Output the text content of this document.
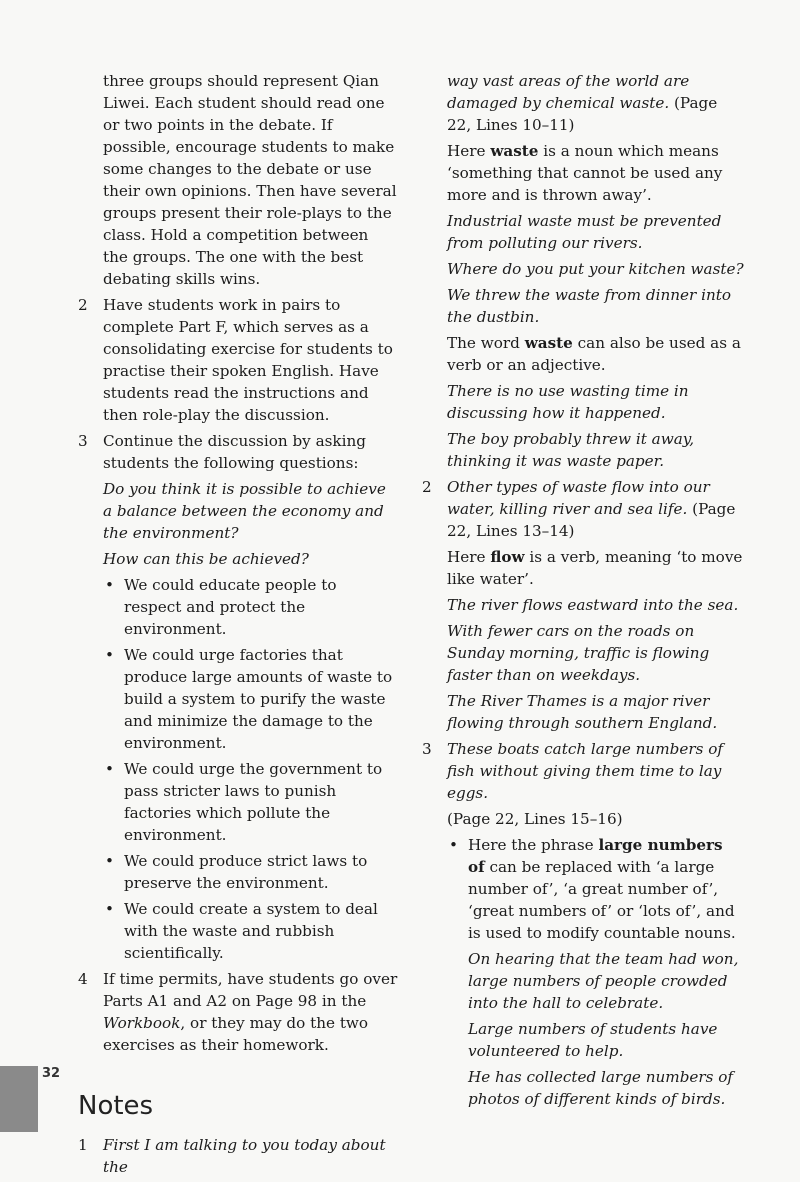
three groups should represent Qian Liwei. Each student should read one or two points in the debate. If possible, encourage students to make some changes to the debate or use their own opinions. Then have several groups present their role-plays to the class. Hold a competition between the groups. The one with the best debating skills wins.

2 Have students work in pairs to complete Part F, which serves as a consolidating exercise for students to practise their spoken English. Have students read the instructions and then role-play the discussion.
3 Continue the discussion by asking students the following questions:

Do you think it is possible to achieve a balance between the economy and the environment?

How can this be achieved?

• We could educate people to respect and protect the environment.
• We could urge factories that produce large amounts of waste to build a system to purify the waste and minimize the damage to the environment.
• We could urge the government to pass stricter laws to punish factories which pollute the environment.
• We could produce strict laws to preserve the environment.
• We could create a system to deal with the waste and rubbish scientifically.
4 If time permits, have students go over Parts A1 and A2 on Page 98 in the Workbook, or they may do the two exercises as their homework.
Notes
1 First I am talking to you today about the

way vast areas of the world are damaged by chemical waste. (Page 22, Lines 10–11)

Here waste is a noun which means ‘something that cannot be used any more and is thrown away’.

Industrial waste must be prevented from polluting our rivers.

Where do you put your kitchen waste?

We threw the waste from dinner into the dustbin.

The word waste can also be used as a verb or an adjective.

There is no use wasting time in discussing how it happened.

The boy probably threw it away, thinking it was waste paper.

2 Other types of waste flow into our water, killing river and sea life. (Page 22, Lines 13–14)

Here flow is a verb, meaning ‘to move like water’.

The river flows eastward into the sea.

With fewer cars on the roads on Sunday morning, traffic is flowing faster than on weekdays.

The River Thames is a major river flowing through southern England.

3 These boats catch large numbers of fish without giving them time to lay eggs.

(Page 22, Lines 15–16)

• Here the phrase large numbers of can be replaced with ‘a large number of’, ‘a great number of’, ‘great numbers of’ or ‘lots of’, and is used to modify countable nouns.

On hearing that the team had won, large numbers of people crowded into the hall to celebrate.

Large numbers of students have volunteered to help.

He has collected large numbers of photos of different kinds of birds.

32
